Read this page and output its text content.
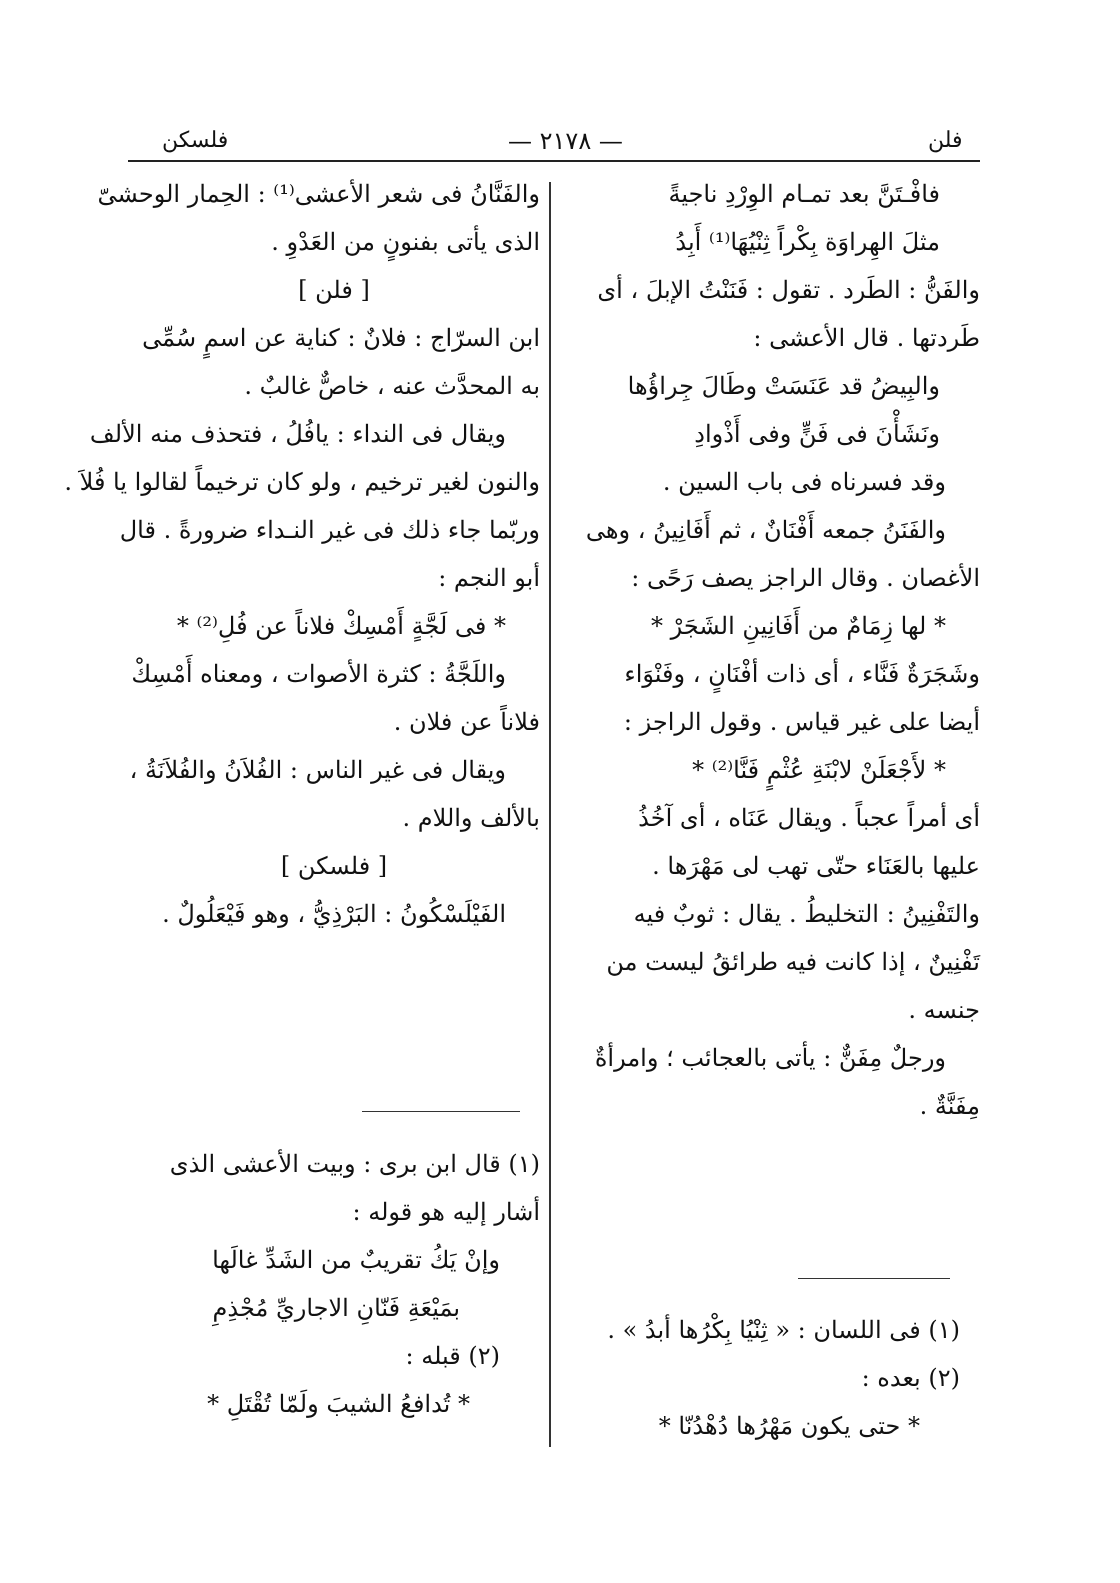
فلسكن	— ٢١٧٨ —	فلن
فافْـتَنَّ بعد تمـام الوِرْدِ ناجيةً
مثلَ الهِراوَة بِكْراً ثِنْيُهَا⁽¹⁾ أَبِدُ
والفَنُّ : الطَرد . تقول : فَنَنْتُ الإبلَ ، أى
طَردتها . قال الأعشى :
والبِيضُ قد عَنَسَتْ وطَالَ جِراؤُها
ونَشَأْنَ فى فَنٍّ وفى أَذْوادِ
وقد فسرناه فى باب السين .
والفَنَنُ جمعه أَفْنَانٌ ، ثم أَفَانِينُ ، وهى
الأغصان . وقال الراجز يصف رَحًى :
* لها زِمَامٌ من أَفَانِينِ الشَجَرْ *
وشَجَرَةٌ فَنَّاء ، أى ذات أفْنَانٍ ، وفَنْوَاء
أيضا على غير قياس . وقول الراجز :
* لأَجْعَلَنْ لابْنَةِ عُثْمٍ فَنَّا⁽²⁾ *
أى أمراً عجباً . ويقال عَنَاه ، أى آخُذُ
عليها بالعَنَاء حتّى تهب لى مَهْرَها .
والتَفْنِينُ : التخليطُ . يقال : ثوبٌ فيه
تَفْنِينٌ ، إذا كانت فيه طرائقُ ليست من
جنسه .
ورجلٌ مِفَنٌّ : يأتى بالعجائب ؛ وامرأةٌ
مِفَنَّةٌ .
والفَنَّانُ فى شعر الأعشى⁽¹⁾ : الحِمار الوحشىّ
الذى يأتى بفنونٍ من العَدْوِ .
[ فلن ]
ابن السرّاج : فلانٌ : كناية عن اسمٍ سُمِّى
به المحدَّث عنه ، خاصٌّ غالبٌ .
ويقال فى النداء : يافُلُ ، فتحذف منه الألف
والنون لغير ترخيم ، ولو كان ترخيماً لقالوا يا فُلاَ .
وربّما جاء ذلك فى غير النـداء ضرورةً . قال
أبو النجم :
* فى لَجَّةٍ أَمْسِكْ فلاناً عن فُلِ⁽²⁾ *
واللَجَّةُ : كثرة الأصوات ، ومعناه أَمْسِكْ
فلاناً عن فلان .
ويقال فى غير الناس : الفُلاَنُ والفُلاَنَةُ ،
بالألف واللام .
[ فلسكن ]
الفَيْلَسْكُونُ : البَرْذِيُّ ، وهو فَيْعَلُولٌ .
(١) قال ابن برى : وبيت الأعشى الذى
أشار إليه هو قوله :
وإنْ يَكُ تقريبٌ من الشَدِّ غالَها
بمَيْعَةِ فَنّانِ الاجاريِّ مُجْذِمِ
(٢) قبله :
* تُدافعُ الشيبَ ولَمّا تُقْتَلِ *
(١) فى اللسان : « ثِنْيُا بِكْرُها أبدُ » .
(٢) بعده :
* حتى يكون مَهْرُها دُهْدُنّا *
